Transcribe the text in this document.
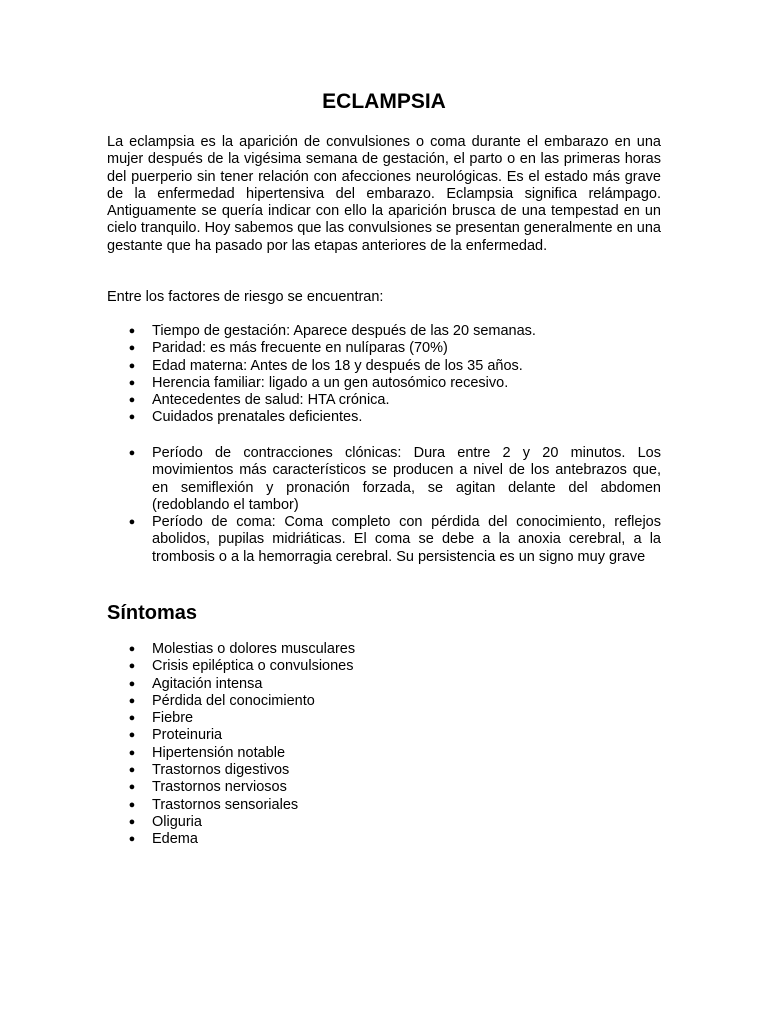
ECLAMPSIA

La eclampsia es la aparición de convulsiones o coma durante el embarazo en una mujer después de la vigésima semana de gestación, el parto o en las primeras horas del puerperio sin tener relación con afecciones neurológicas. Es el estado más grave de la enfermedad hipertensiva del embarazo. Eclampsia significa relámpago. Antiguamente se quería indicar con ello la aparición brusca de una tempestad en un cielo tranquilo. Hoy sabemos que las convulsiones se presentan generalmente en una gestante que ha pasado por las etapas anteriores de la enfermedad.

Entre los factores de riesgo se encuentran:

● Tiempo de gestación: Aparece después de las 20 semanas.
● Paridad: es más frecuente en nulíparas (70%)
● Edad materna: Antes de los 18 y después de los 35 años.
● Herencia familiar: ligado a un gen autosómico recesivo.
● Antecedentes de salud: HTA crónica.
● Cuidados prenatales deficientes.
● Período de contracciones clónicas: Dura entre 2 y 20 minutos. Los movimientos más característicos se producen a nivel de los antebrazos que, en semiflexión y pronación forzada, se agitan delante del abdomen (redoblando el tambor)
● Período de coma: Coma completo con pérdida del conocimiento, reflejos abolidos, pupilas midriáticas. El coma se debe a la anoxia cerebral, a la trombosis o a la hemorragia cerebral. Su persistencia es un signo muy grave
Síntomas
● Molestias o dolores musculares
● Crisis epiléptica o convulsiones
● Agitación intensa
● Pérdida del conocimiento
● Fiebre
● Proteinuria
● Hipertensión notable
● Trastornos digestivos
● Trastornos nerviosos
● Trastornos sensoriales
● Oliguria
● Edema
